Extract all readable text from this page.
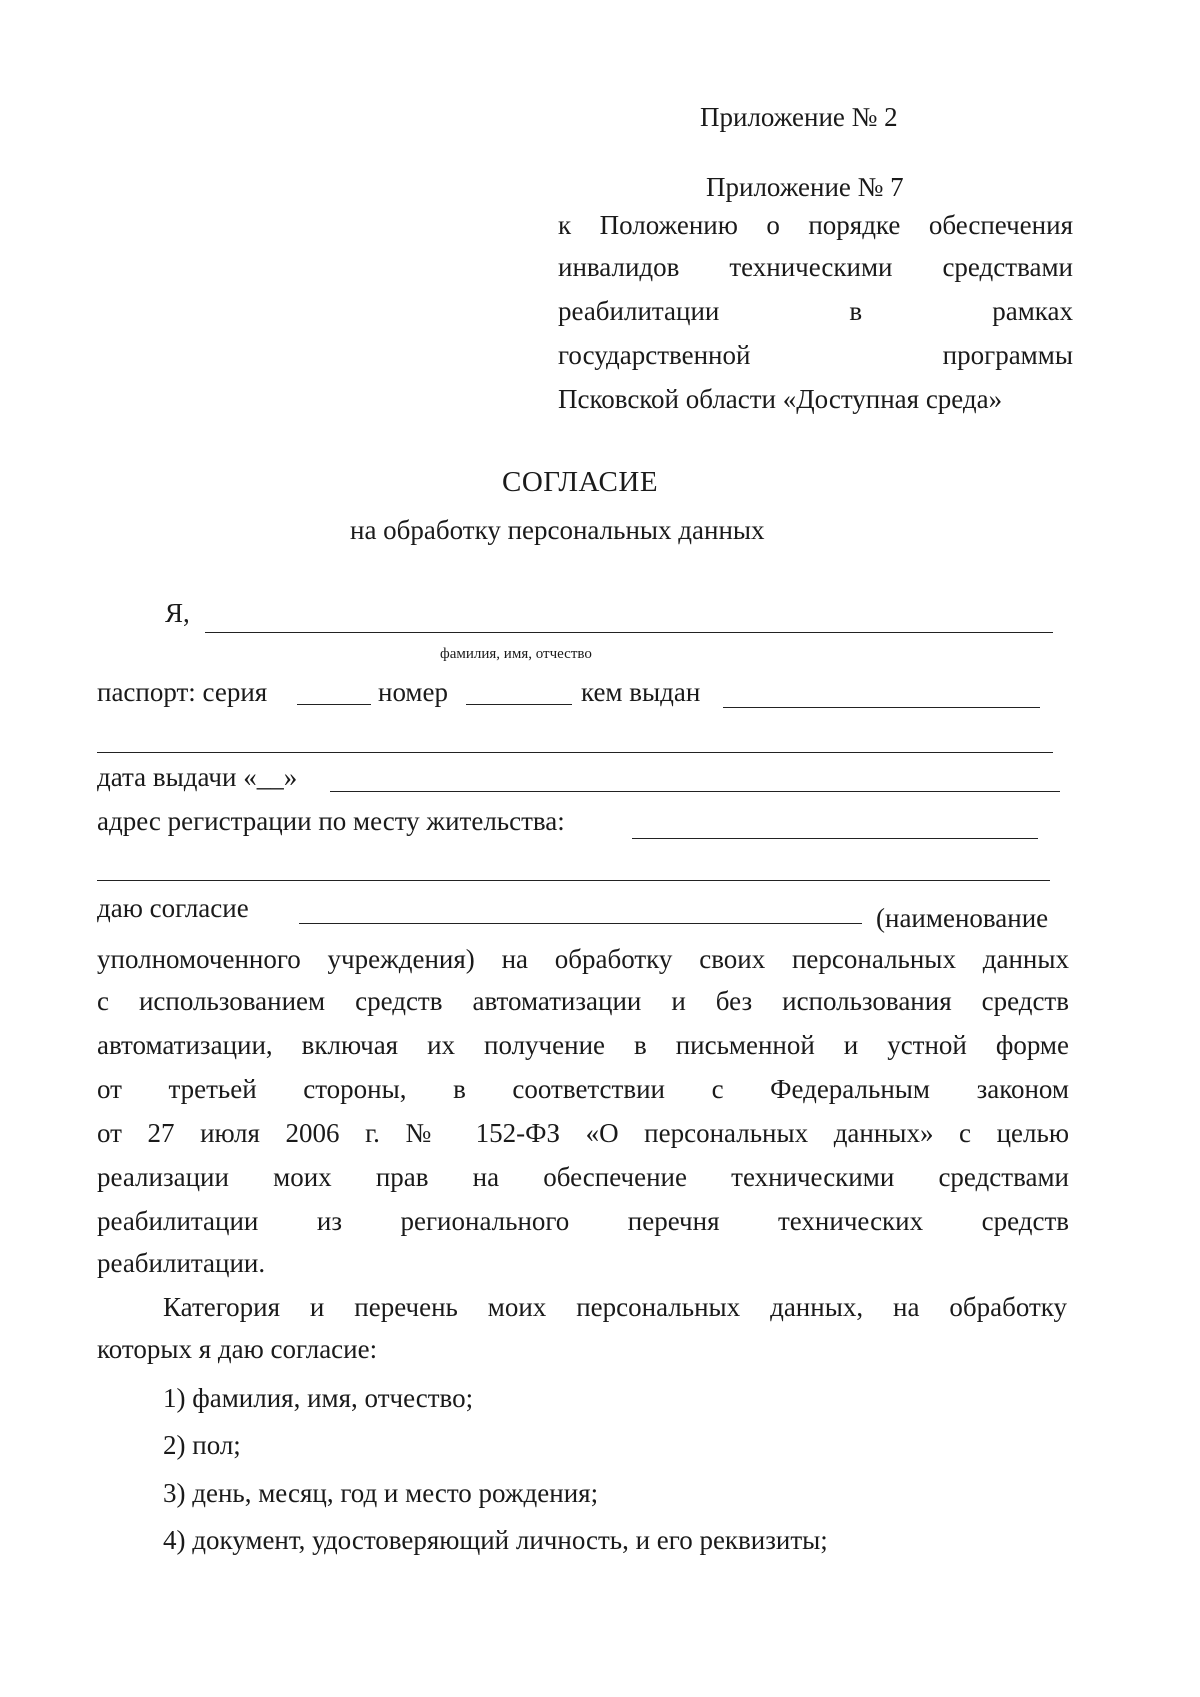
Приложение № 2
Приложение № 7
к Положению о порядке обеспечения
инвалидов техническими средствами
реабилитации в рамках
государственной программы
Псковской области «Доступная среда»
СОГЛАСИЕ
на обработку персональных данных
Я,
фамилия, имя, отчество
паспорт: серия	номер	кем выдан
дата выдачи «__»
адрес регистрации по месту жительства:
даю согласие	(наименование
уполномоченного учреждения) на обработку своих персональных данных
с использованием средств автоматизации и без использования средств
автоматизации, включая их получение в письменной и устной форме
от третьей стороны, в соответствии с Федеральным законом
от 27 июля 2006 г. № 152-ФЗ «О персональных данных» с целью
реализации моих прав на обеспечение техническими средствами
реабилитации из регионального перечня технических средств
реабилитации.
Категория и перечень моих персональных данных, на обработку
которых я даю согласие:
1) фамилия, имя, отчество;
2) пол;
3) день, месяц, год и место рождения;
4) документ, удостоверяющий личность, и его реквизиты;
